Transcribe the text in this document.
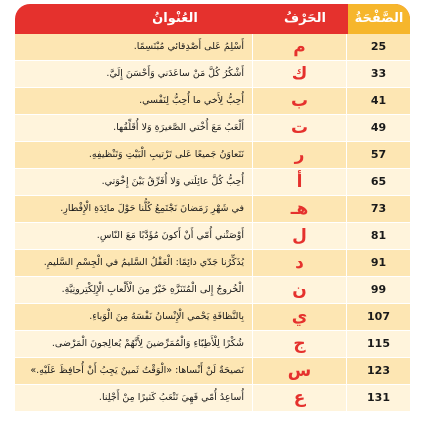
العُنْوانُ	الحَرْفُ	الصَّفْحَةُ
أَسْلِمُ عَلى أَصْدِقائي مُبْتَسِمًا.	م	25
أَشْكُرُ كُلَّ مَنْ ساعَدَني وَأَحْسَنَ إِلَيَّ.	ك	33
أُحِبُّ لِأَخي ما أُحِبُّ لِنَفْسي.	ب	41
أَلْعَبُ مَعَ أُخْتي الصَّغيرَةِ وَلا أُقَلِّقُها.	ت	49
نَتَعاوَنُ جَميعًا عَلى تَرْتيبِ الْبَيْتِ وَتَنْظيفِهِ.	ر	57
أُحِبُّ كُلَّ عائِلَتي وَلا أُفَرِّقُ بَيْنَ إِخْوَتي.	أ	65
في شَهْرِ رَمَضانَ نَجْتَمِعُ كُلُّنا حَوْلَ مائِدَةِ الْإِفْطارِ.	هـ	73
أَوْصَتْني أُمّي أَنْ أَكونَ مُؤَدَّبًا مَعَ النّاسِ.	ل	81
يُذَكِّرُنا جَدّي دائِمًا: الْعَقْلُ السَّليمُ في الْجِسْمِ السَّليمِ.	د	91
الْخُروجُ إِلى الْمُتَنَزَّهِ خَيْرٌ مِنَ الْأَلْعابِ الْإِلِكْتِرونِيَّةِ.	ن	99
بِالنَّظافَةِ يَحْمي الْإِنْسانُ نَفْسَهُ مِنَ الْوَباءِ.	ي	107
شُكْرًا لِلْأَطِبّاءِ وَالْمُمَرِّضينَ لِأَنَّهُمْ يُعالِجونَ الْمَرْضى.	ج	115
نَصيحَةٌ لَنْ أَنْساها: «الْوَقْتُ ثَمينٌ يَجِبُ أَنْ أُحافِظَ عَلَيْهِ.»	س	123
أُساعِدُ أُمّي فَهِيَ تَتْعَبُ كَثيرًا مِنْ أَجْلِنا.	ع	131
